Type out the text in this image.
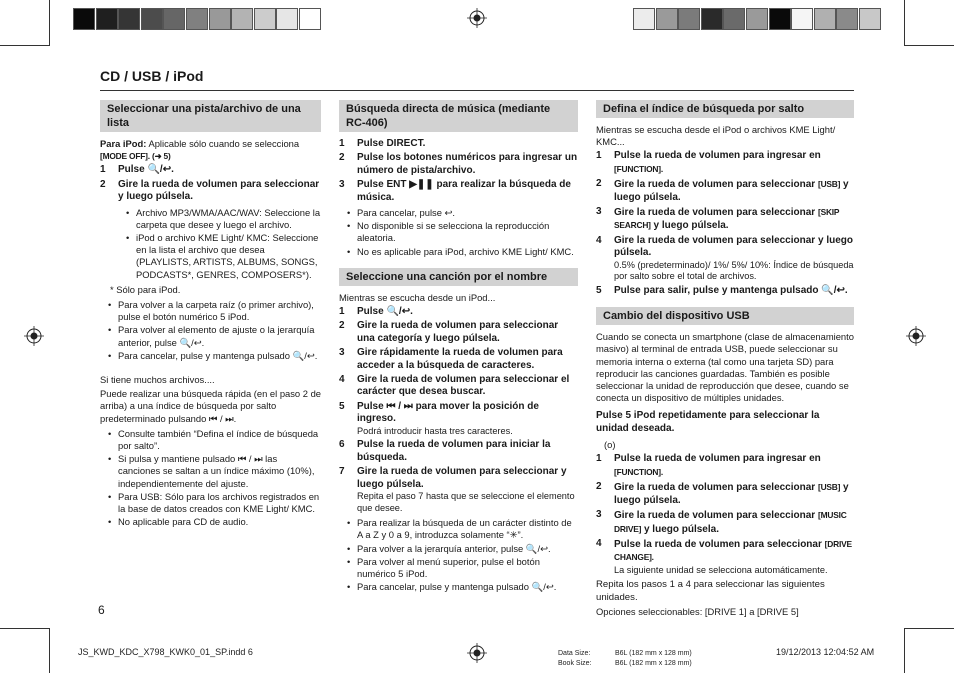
CD / USB / iPod
Seleccionar una pista/archivo de una lista
Para iPod: Aplicable sólo cuando se selecciona [MODE OFF]. (➜ 5)
1	Pulse 🔍/↩.
2	Gire la rueda de volumen para seleccionar y luego púlsela.
• Archivo MP3/WMA/AAC/WAV: Seleccione la carpeta que desee y luego el archivo.
• iPod o archivo KME Light/ KMC: Seleccione en la lista el archivo que desea (PLAYLISTS, ARTISTS, ALBUMS, SONGS, PODCASTS*, GENRES, COMPOSERS*).
* Sólo para iPod.
• Para volver a la carpeta raíz (o primer archivo), pulse el botón numérico 5 iPod.
• Para volver al elemento de ajuste o la jerarquía anterior, pulse 🔍/↩.
• Para cancelar, pulse y mantenga pulsado 🔍/↩.
Si tiene muchos archivos....
Puede realizar una búsqueda rápida (en el paso 2 de arriba) a una índice de búsqueda por salto predeterminado pulsando ⏮ / ⏭.
• Consulte también “Defina el índice de búsqueda por salto”.
• Si pulsa y mantiene pulsado ⏮ / ⏭ las canciones se saltan a un índice máximo (10%), independientemente del ajuste.
• Para USB: Sólo para los archivos registrados en la base de datos creados con KME Light/ KMC.
• No aplicable para CD de audio.
Búsqueda directa de música (mediante RC-406)
1	Pulse DIRECT.
2	Pulse los botones numéricos para ingresar un número de pista/archivo.
3	Pulse ENT ▶❚❚ para realizar la búsqueda de música.
• Para cancelar, pulse ↩.
• No disponible si se selecciona la reproducción aleatoria.
• No es aplicable para iPod, archivo KME Light/ KMC.
Seleccione una canción por el nombre
Mientras se escucha desde un iPod...
1	Pulse 🔍/↩.
2	Gire la rueda de volumen para seleccionar una categoría y luego púlsela.
3	Gire rápidamente la rueda de volumen para acceder a la búsqueda de caracteres.
4	Gire la rueda de volumen para seleccionar el carácter que desea buscar.
5	Pulse ⏮ / ⏭ para mover la posición de ingreso.
Podrá introducir hasta tres caracteres.
6	Pulse la rueda de volumen para iniciar la búsqueda.
7	Gire la rueda de volumen para seleccionar y luego púlsela.
Repita el paso 7 hasta que se seleccione el elemento que desee.
• Para realizar la búsqueda de un carácter distinto de A a Z y 0 a 9, introduzca solamente “✳”.
• Para volver a la jerarquía anterior, pulse 🔍/↩.
• Para volver al menú superior, pulse el botón numérico 5 iPod.
• Para cancelar, pulse y mantenga pulsado 🔍/↩.
Defina el índice de búsqueda por salto
Mientras se escucha desde el iPod o archivos KME Light/ KMC...
1	Pulse la rueda de volumen para ingresar en [FUNCTION].
2	Gire la rueda de volumen para seleccionar [USB] y luego púlsela.
3	Gire la rueda de volumen para seleccionar [SKIP SEARCH] y luego púlsela.
4	Gire la rueda de volumen para seleccionar y luego púlsela.
0.5% (predeterminado)/ 1%/ 5%/ 10%: Índice de búsqueda por salto sobre el total de archivos.
5	Pulse para salir, pulse y mantenga pulsado 🔍/↩.
Cambio del dispositivo USB
Cuando se conecta un smartphone (clase de almacenamiento masivo) al terminal de entrada USB, puede seleccionar su memoria interna o externa (tal como una tarjeta SD) para reproducir las canciones guardadas. También es posible seleccionar la unidad de reproducción que desee, cuando se conecta un dispositivo de múltiples unidades.
Pulse 5 iPod repetidamente para seleccionar la unidad deseada.
(o)
1	Pulse la rueda de volumen para ingresar en [FUNCTION].
2	Gire la rueda de volumen para seleccionar [USB] y luego púlsela.
3	Gire la rueda de volumen para seleccionar [MUSIC DRIVE] y luego púlsela.
4	Pulse la rueda de volumen para seleccionar [DRIVE CHANGE].
La siguiente unidad se selecciona automáticamente.
Repita los pasos 1 a 4 para seleccionar las siguientes unidades.
Opciones seleccionables: [DRIVE 1] a [DRIVE 5]
6
JS_KWD_KDC_X798_KWK0_01_SP.indd 6	Data Size:	B6L (182 mm x 128 mm)
Book Size:	B6L (182 mm x 128 mm)
19/12/2013 12:04:52 AM
